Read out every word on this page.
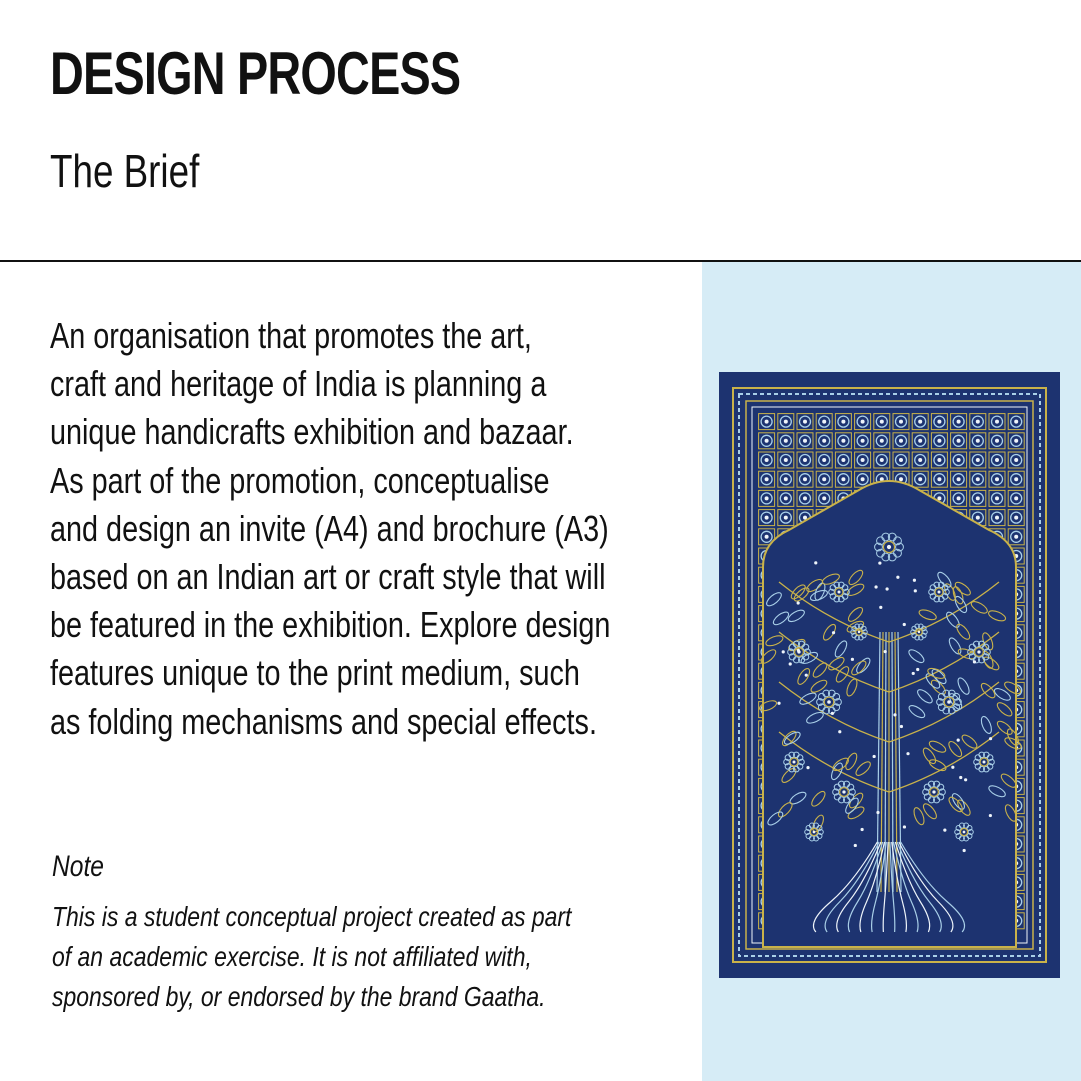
DESIGN PROCESS
The Brief
An organisation that promotes the art,
craft and heritage of India is planning a
unique handicrafts exhibition and bazaar.
As part of the promotion, conceptualise
and design an invite (A4) and brochure (A3)
based on an Indian art or craft style that will
be featured in the exhibition. Explore design
features unique to the print medium, such
as folding mechanisms and special effects.
Note
This is a student conceptual project created as part
of an academic exercise. It is not affiliated with,
sponsored by, or endorsed by the brand Gaatha.
